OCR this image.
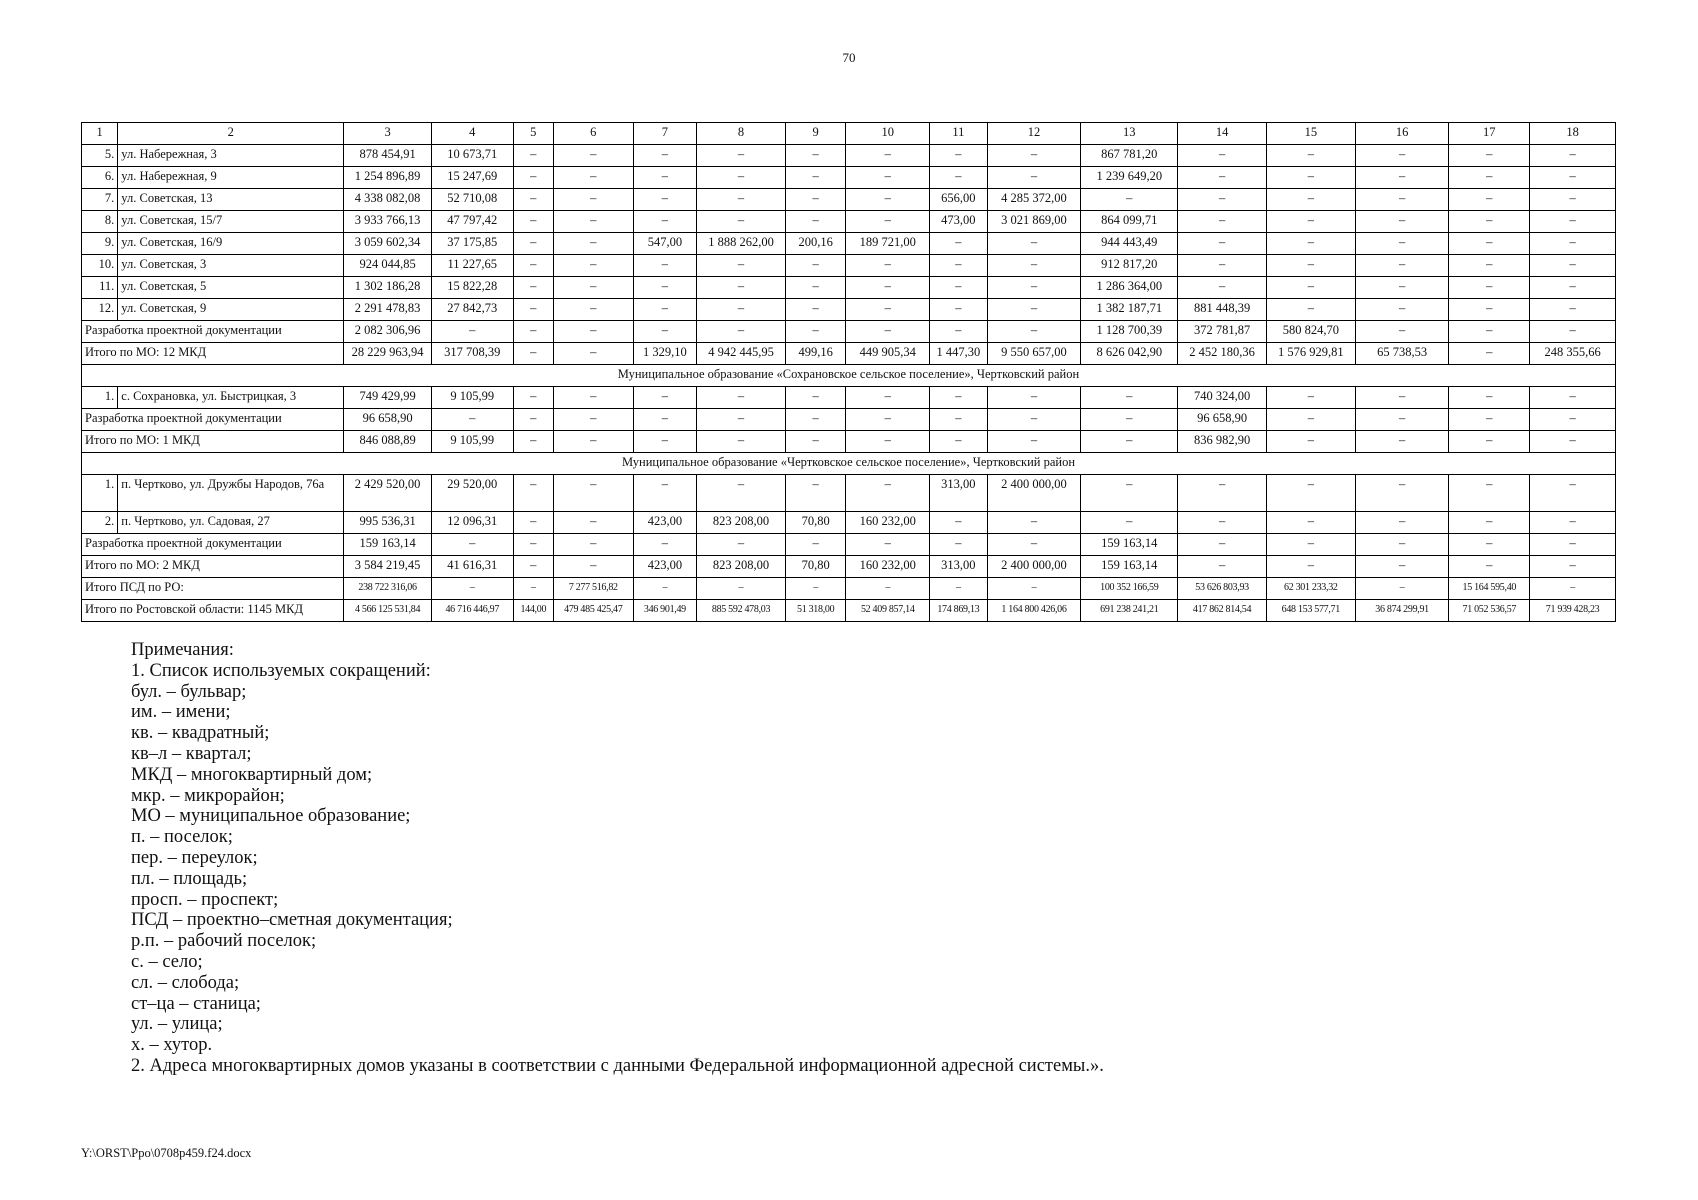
70
1	2	3	4	5	6	7	8	9	10	11	12	13	14	15	16	17	18
5.	ул. Набережная, 3	878 454,91	10 673,71	–	–	–	–	–	–	–	–	867 781,20	–	–	–	–	–
6.	ул. Набережная, 9	1 254 896,89	15 247,69	–	–	–	–	–	–	–	–	1 239 649,20	–	–	–	–	–
7.	ул. Советская, 13	4 338 082,08	52 710,08	–	–	–	–	–	–	656,00	4 285 372,00	–	–	–	–	–	–
8.	ул. Советская, 15/7	3 933 766,13	47 797,42	–	–	–	–	–	–	473,00	3 021 869,00	864 099,71	–	–	–	–	–
9.	ул. Советская, 16/9	3 059 602,34	37 175,85	–	–	547,00	1 888 262,00	200,16	189 721,00	–	–	944 443,49	–	–	–	–	–
10.	ул. Советская, 3	924 044,85	11 227,65	–	–	–	–	–	–	–	–	912 817,20	–	–	–	–	–
11.	ул. Советская, 5	1 302 186,28	15 822,28	–	–	–	–	–	–	–	–	1 286 364,00	–	–	–	–	–
12.	ул. Советская, 9	2 291 478,83	27 842,73	–	–	–	–	–	–	–	–	1 382 187,71	881 448,39	–	–	–	–
Разработка проектной документации		2 082 306,96	–	–	–	–	–	–	–	–	–	1 128 700,39	372 781,87	580 824,70	–	–	–
Итого по МО: 12 МКД		28 229 963,94	317 708,39	–	–	1 329,10	4 942 445,95	499,16	449 905,34	1 447,30	9 550 657,00	8 626 042,90	2 452 180,36	1 576 929,81	65 738,53	–	248 355,66
Муниципальное образование «Сохрановское сельское поселение», Чертковский район																	
1.	с. Сохрановка, ул. Быстрицкая, 3	749 429,99	9 105,99	–	–	–	–	–	–	–	–	–	740 324,00	–	–	–	–
Разработка проектной документации		96 658,90	–	–	–	–	–	–	–	–	–	–	96 658,90	–	–	–	–
Итого по МО: 1 МКД		846 088,89	9 105,99	–	–	–	–	–	–	–	–	–	836 982,90	–	–	–	–
Муниципальное образование «Чертковское сельское поселение», Чертковский район																	
1.	п. Чертково, ул. Дружбы Народов, 76а	2 429 520,00	29 520,00	–	–	–	–	–	–	313,00	2 400 000,00	–	–	–	–	–	–
2.	п. Чертково, ул. Садовая, 27	995 536,31	12 096,31	–	–	423,00	823 208,00	70,80	160 232,00	–	–	–	–	–	–	–	–
Разработка проектной документации		159 163,14	–	–	–	–	–	–	–	–	–	159 163,14	–	–	–	–	–
Итого по МО: 2 МКД		3 584 219,45	41 616,31	–	–	423,00	823 208,00	70,80	160 232,00	313,00	2 400 000,00	159 163,14	–	–	–	–	–
Итого ПСД по РО:		238 722 316,06	–	–	7 277 516,82	–	–	–	–	–	–	100 352 166,59	53 626 803,93	62 301 233,32	–	15 164 595,40	–
Итого по Ростовской области: 1145 МКД		4 566 125 531,84	46 716 446,97	144,00	479 485 425,47	346 901,49	885 592 478,03	51 318,00	52 409 857,14	174 869,13	1 164 800 426,06	691 238 241,21	417 862 814,54	648 153 577,71	36 874 299,91	71 052 536,57	71 939 428,23
Примечания:
1. Список используемых сокращений:
бул. – бульвар;
им. – имени;
кв. – квадратный;
кв–л – квартал;
МКД – многоквартирный дом;
мкр. – микрорайон;
МО – муниципальное образование;
п. – поселок;
пер. – переулок;
пл. – площадь;
просп. – проспект;
ПСД – проектно–сметная документация;
р.п. – рабочий поселок;
с. – село;
сл. – слобода;
ст–ца – станица;
ул. – улица;
х. – хутор.
2. Адреса многоквартирных домов указаны в соответствии с данными Федеральной информационной адресной системы.».
Y:\ORST\Ppo\0708p459.f24.docx
